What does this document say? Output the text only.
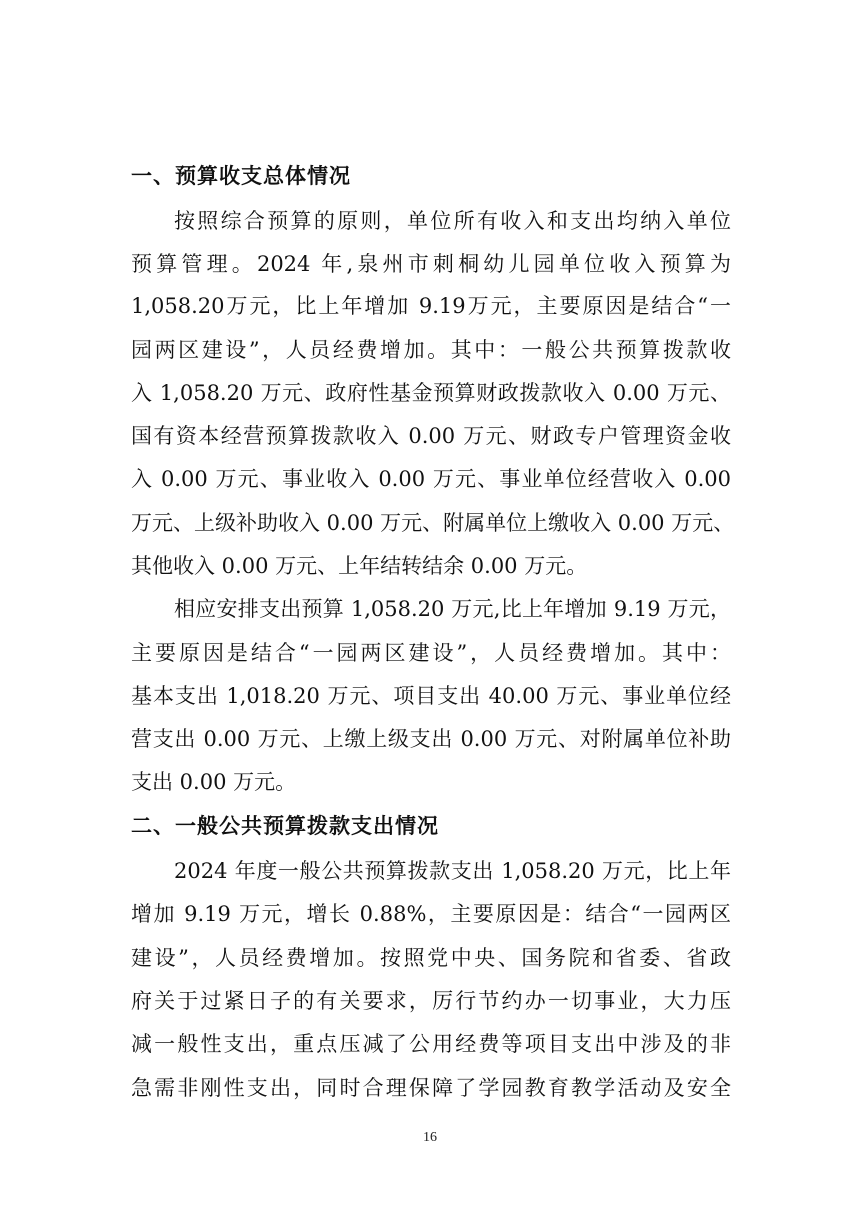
一、预算收支总体情况
按照综合预算的原则，单位所有收入和支出均纳入单位
预算管理。2024 年,泉州市刺桐幼儿园单位收入预算为
1,058.20万元，比上年增加 9.19万元，主要原因是结合“一
园两区建设”，人员经费增加。其中：一般公共预算拨款收
入 1,058.20 万元、政府性基金预算财政拨款收入 0.00 万元、
国有资本经营预算拨款收入 0.00 万元、财政专户管理资金收
入 0.00 万元、事业收入 0.00 万元、事业单位经营收入 0.00
万元、上级补助收入 0.00 万元、附属单位上缴收入 0.00 万元、
其他收入 0.00 万元、上年结转结余 0.00 万元。
相应安排支出预算 1,058.20 万元,比上年增加 9.19 万元，
主要原因是结合“一园两区建设”，人员经费增加。其中：
基本支出 1,018.20 万元、项目支出 40.00 万元、事业单位经
营支出 0.00 万元、上缴上级支出 0.00 万元、对附属单位补助
支出 0.00 万元。
二、一般公共预算拨款支出情况
2024 年度一般公共预算拨款支出 1,058.20 万元，比上年
增加 9.19 万元，增长 0.88%，主要原因是：结合“一园两区
建设”，人员经费增加。按照党中央、国务院和省委、省政
府关于过紧日子的有关要求，厉行节约办一切事业，大力压
减一般性支出，重点压减了公用经费等项目支出中涉及的非
急需非刚性支出，同时合理保障了学园教育教学活动及安全
16
